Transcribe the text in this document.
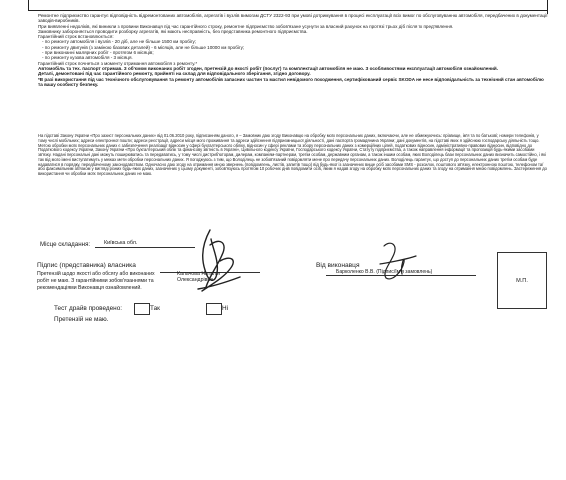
Ремонтне підприємство гарантує відповідність відремонтованих автомобілів, агрегатів і вузлів вимогам ДСТУ 2322-93 при умові дотримування в процесі експлуатації всіх вимог по обслуговуванню автомобіля, передбачених в документації заводів-виробників.

При виявленні недоліків, які виникли з провини Виконавця під час гарантійного строку, ремонтне підприємство зобов'язане усунути за власний рахунок на протязі трьох діб після їх пред'явлення.

Замовнику забороняється проводити розборку агрегатів, які мають несправність, без представника ремонтного підприємства.

Гарантійний строк встановлюється:

- по ремонту автомобіля і вузлів - 20 діб, але не більше 1500 км пробігу;

- по ремонту двигунів (з заміною базових деталей) - 6 місяців, але не більше 10000 км пробігу;

- при виконанні малярних робіт - протягом 6 місяців;

- по ремонту кузова автомобіля - 3 місяця.

Гарантійний строк почнеться з моменту отримання автомобіля з ремонту.*

Автомобіль та тех. паспорт отримав. З об'ємом виконаних робіт згоден, претензій до якості робіт (послуг) та комплектації автомобіля не маю. З особливостями експлуатації автомобіля ознайомлений.

Деталі, демонтовані під час гарантійного ремонту, прийняті на склад для відповідального зберігання, згідно договору.

*В разі використання під час технічного обслуговування та ремонту автомобілів запасних частин та мастил невідомого походження, сертифікований сервіс SKODA не несе відповідальність за технічний стан автомобілю та вашу особисту безпеку.

На підставі Закону України «Про захист персональних даних» від 01.06.2010 року, підписанням даного, я – Замовник даю згоду Виконавцю на обробку моїх персональних даних, включаючи, але не обмежуючись: прізвище, ім'я та по батькові; номери телефонів, у тому числі мобільних; адреси електронної пошти; адреси реєстрації, адреси місця мого проживання та адреси здійснення підприємницької діяльності, дані паспорта громадянина України; дані документів, на підставі яких я здійснюю господарську діяльність тощо. Метою обробки моїх персональних даних є забезпечення реалізації відносин у сфері бухгалтерського обліку, відносин у сфері реклами та збору персональних даних з комерційних цілей, податкових відносин, адміністративно-правових відносин, відповідно до Податкового кодексу України, Закону України «Про бухгалтерський облік та фінансову звітність в Україні», Цивільного кодексу України, Господарського кодексу України, Статуту підприємства, а також направлення інформації та пропозицій будь-якими засобами зв'язку. Надані персональні дані можуть поширюватись та передаватись, у тому числі дистриб'юторам, дилерам, компаніям-партнерам, третім особам, державним органам, а також іншим особам, яких Володілець бази персональних даних визначить самостійно, і які так від мого імені виступатимуть у межах мети обробки персональних даних. Я погоджуюсь з тим, що Володілець не зобов'язаний повідомляти мене про передачу персональних даних. Володілець гарантує, що доступ до персональних даних третім особам буде надаватися в порядку, передбаченому законодавством. Одночасно даю згоду на отримання мною звернень (повідомлень, листів, запитів тощо) від будь-якої із зазначених вище осіб засобами SMS - розсилок, поштового зв'язку, електронною поштою, телефоном та/або факсимільним зв'язком у вигляді різних будь-яких даних, зазначених у цьому документі, зобов'язуюсь протягом 10 робочих днів повідомити осіб, яким я надав згоду на обробку моїх персональних даних та згоду на отримання мною повідомлень. Застереження до використання чи обробки моїх персональних даних не маю.

Місце складання:	Київська обл.
Підпис (представника) власника
Претензій щодо якості або обсягу або виконаних робіт не маю. З гарантійними зобов'язаннями та рекомендаціями Виконавця ознайомлений.
Калачова Наталія
Олександрівна
Від виконавця
Барколенко В.В. (Підпис/Ім'я замовлень)
М.П.
Тест драйв проведено:	Так	Ні
Претензій не маю.
